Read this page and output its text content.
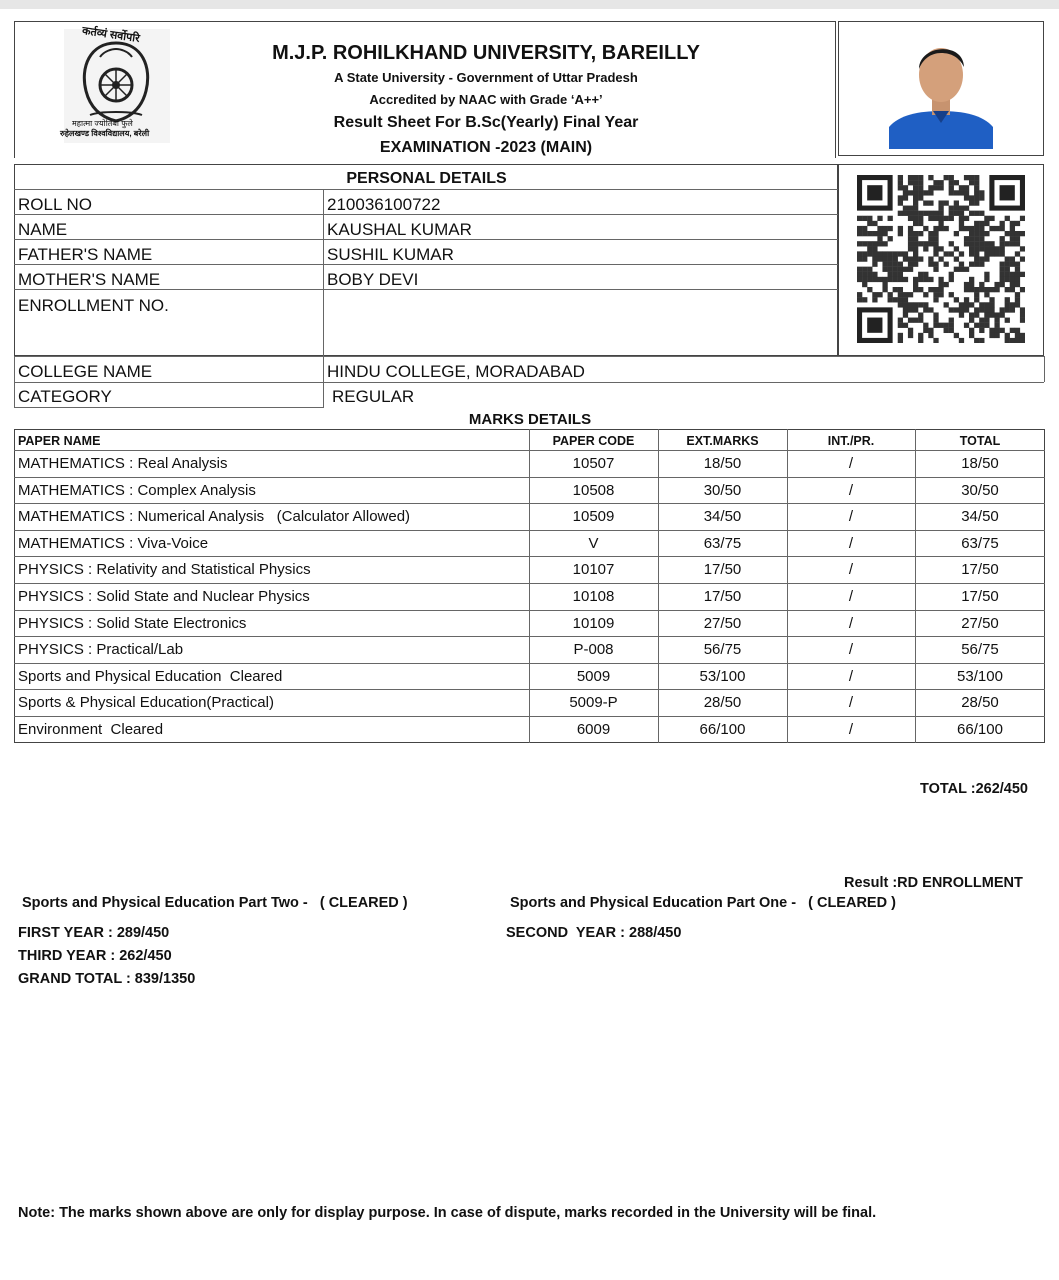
कर्तव्यं सर्वोपरि
महात्मा ज्योतिबा फुले
रुहेलखण्ड विश्वविद्यालय, बरेली
M.J.P. ROHILKHAND UNIVERSITY, BAREILLY
A State University - Government of Uttar Pradesh
Accredited by NAAC with Grade ‘A++’
Result Sheet For B.Sc(Yearly) Final Year
EXAMINATION -2023 (MAIN)
PERSONAL DETAILS
ROLL NO	210036100722
NAME	KAUSHAL KUMAR
FATHER'S NAME	SUSHIL KUMAR
MOTHER'S NAME	BOBY DEVI
ENROLLMENT NO.
COLLEGE NAME	HINDU COLLEGE, MORADABAD
CATEGORY	REGULAR
MARKS DETAILS
PAPER NAME	PAPER CODE	EXT.MARKS	INT./PR.	TOTAL
MATHEMATICS : Real Analysis	10507	18/50	/	18/50
MATHEMATICS : Complex Analysis	10508	30/50	/	30/50
MATHEMATICS : Numerical Analysis   (Calculator Allowed)	10509	34/50	/	34/50
MATHEMATICS : Viva-Voice	V	63/75	/	63/75
PHYSICS : Relativity and Statistical Physics	10107	17/50	/	17/50
PHYSICS : Solid State and Nuclear Physics	10108	17/50	/	17/50
PHYSICS : Solid State Electronics	10109	27/50	/	27/50
PHYSICS : Practical/Lab	P-008	56/75	/	56/75
Sports and Physical Education  Cleared	5009	53/100	/	53/100
Sports & Physical Education(Practical)	5009-P	28/50	/	28/50
Environment  Cleared	6009	66/100	/	66/100
TOTAL :262/450
Result :RD ENROLLMENT
Sports and Physical Education Part Two -   ( CLEARED )	Sports and Physical Education Part One -   ( CLEARED )
FIRST YEAR : 289/450	SECOND  YEAR : 288/450
THIRD YEAR : 262/450
GRAND TOTAL : 839/1350
Note: The marks shown above are only for display purpose. In case of dispute, marks recorded in the University will be final.
